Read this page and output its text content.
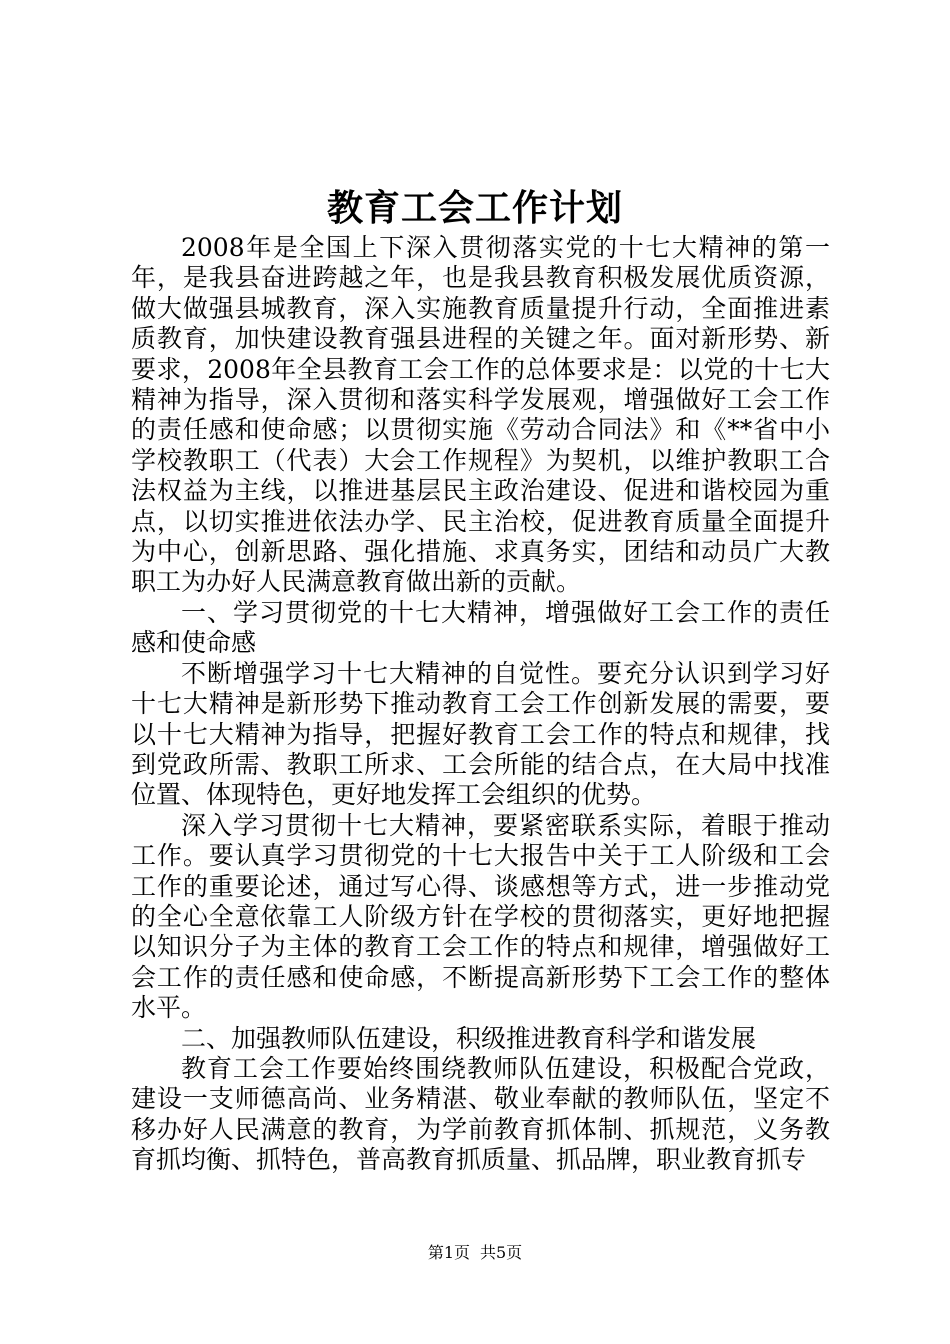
教育工会工作计划

2008年是全国上下深入贯彻落实党的十七大精神的第一年，是我县奋进跨越之年，也是我县教育积极发展优质资源，做大做强县城教育，深入实施教育质量提升行动，全面推进素质教育，加快建设教育强县进程的关键之年。面对新形势、新要求，2008年全县教育工会工作的总体要求是：以党的十七大精神为指导，深入贯彻和落实科学发展观，增强做好工会工作的责任感和使命感；以贯彻实施《劳动合同法》和《**省中小学校教职工（代表）大会工作规程》为契机，以维护教职工合法权益为主线，以推进基层民主政治建设、促进和谐校园为重点，以切实推进依法办学、民主治校，促进教育质量全面提升为中心，创新思路、强化措施、求真务实，团结和动员广大教职工为办好人民满意教育做出新的贡献。

一、学习贯彻党的十七大精神，增强做好工会工作的责任感和使命感

不断增强学习十七大精神的自觉性。要充分认识到学习好十七大精神是新形势下推动教育工会工作创新发展的需要，要以十七大精神为指导，把握好教育工会工作的特点和规律，找到党政所需、教职工所求、工会所能的结合点，在大局中找准位置、体现特色，更好地发挥工会组织的优势。

深入学习贯彻十七大精神，要紧密联系实际，着眼于推动工作。要认真学习贯彻党的十七大报告中关于工人阶级和工会工作的重要论述，通过写心得、谈感想等方式，进一步推动党的全心全意依靠工人阶级方针在学校的贯彻落实，更好地把握以知识分子为主体的教育工会工作的特点和规律，增强做好工会工作的责任感和使命感，不断提高新形势下工会工作的整体水平。

二、加强教师队伍建设，积级推进教育科学和谐发展

教育工会工作要始终围绕教师队伍建设，积极配合党政，建设一支师德高尚、业务精湛、敬业奉献的教师队伍，坚定不移办好人民满意的教育，为学前教育抓体制、抓规范，义务教育抓均衡、抓特色，普高教育抓质量、抓品牌，职业教育抓专

第1页 共5页
